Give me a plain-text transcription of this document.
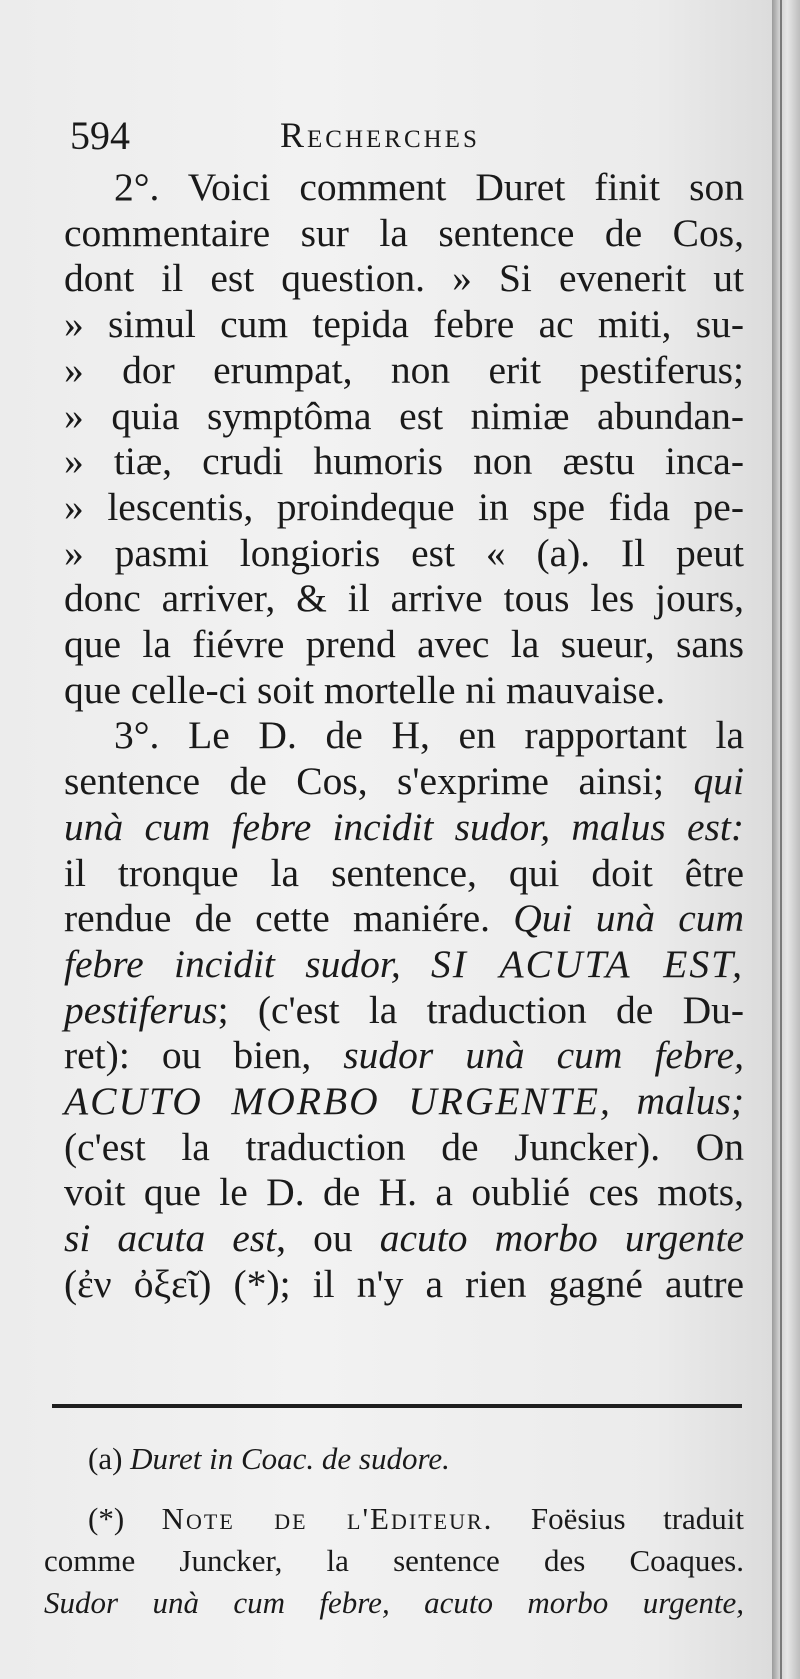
594	Recherches
2°. Voici comment Duret finit son
commentaire sur la sentence de Cos,
dont il est question. » Si evenerit ut
» simul cum tepida febre ac miti, su-
» dor erumpat, non erit pestiferus;
» quia symptôma est nimiæ abundan-
» tiæ, crudi humoris non æstu inca-
» lescentis, proindeque in spe fida pe-
» pasmi longioris est « (a). Il peut
donc arriver, & il arrive tous les jours,
que la fiévre prend avec la sueur, sans
que celle-ci soit mortelle ni mauvaise.
3°. Le D. de H, en rapportant la
sentence de Cos, s'exprime ainsi; qui
unà cum febre incidit sudor, malus est:
il tronque la sentence, qui doit être
rendue de cette maniére. Qui unà cum
febre incidit sudor, SI ACUTA EST,
pestiferus; (c'est la traduction de Du-
ret): ou bien, sudor unà cum febre,
ACUTO MORBO URGENTE, malus;
(c'est la traduction de Juncker). On
voit que le D. de H. a oublié ces mots,
si acuta est, ou acuto morbo urgente
(ἐν ὀξεῖ) (*); il n'y a rien gagné autre
(a) Duret in Coac. de sudore.
(*) Note de l'Editeur. Foësius traduit
comme Juncker, la sentence des Coaques.
Sudor unà cum febre, acuto morbo urgente,
